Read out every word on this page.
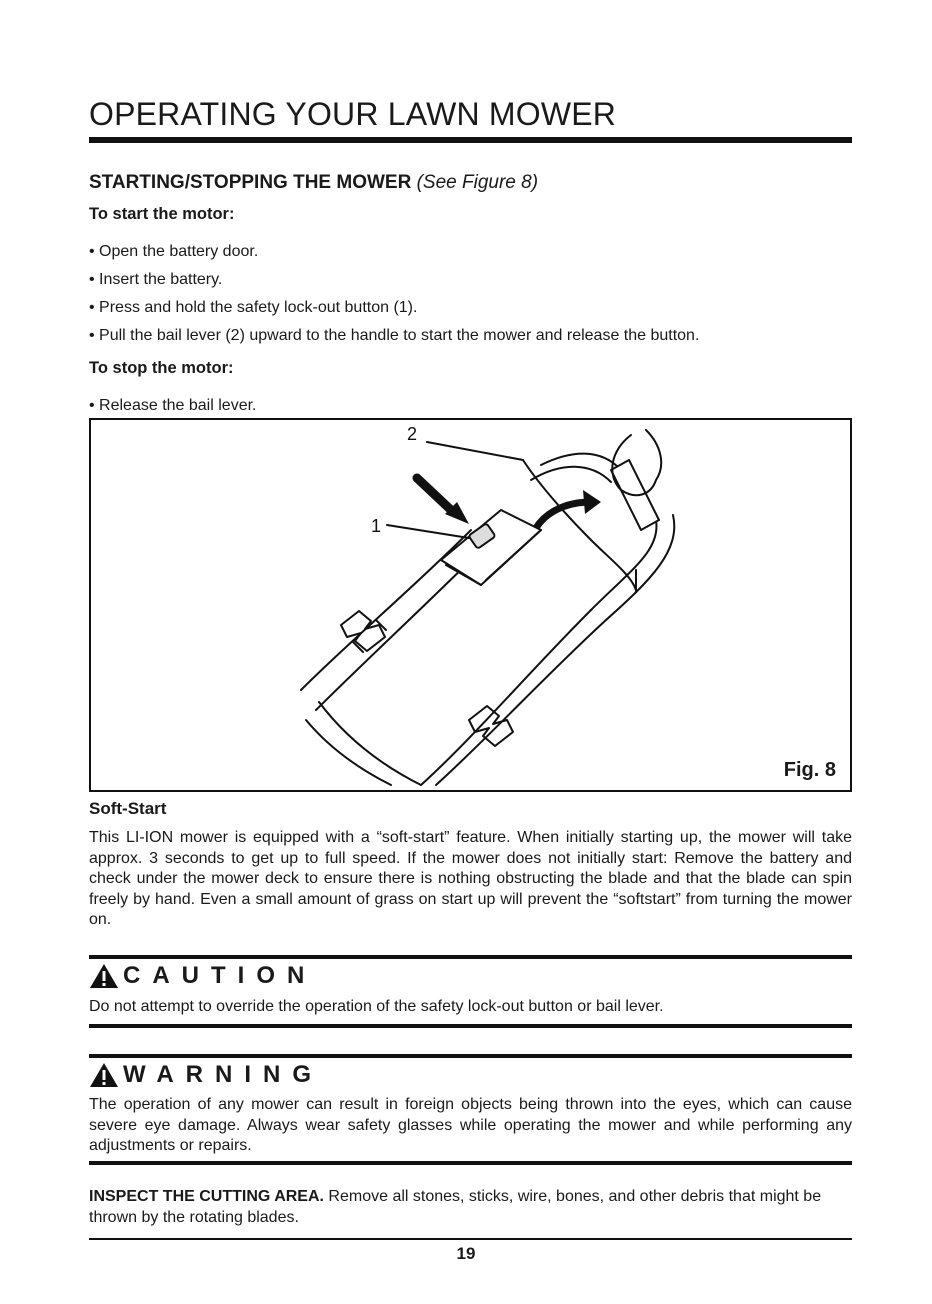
OPERATING YOUR LAWN MOWER
STARTING/STOPPING THE MOWER (See Figure 8)
To start the motor:
• Open the battery door.
• Insert the battery.
• Press and hold the safety lock-out button (1).
• Pull the bail lever (2) upward to the handle to start the mower and release the button.
To stop the motor:
• Release the bail lever.
2
1
Fig. 8
Soft-Start

This LI-ION mower is equipped with a “soft-start” feature. When initially starting up, the mower will take approx. 3 seconds to get up to full speed. If the mower does not initially start: Remove the battery and check under the mower deck to ensure there is nothing obstructing the blade and that the blade can spin freely by hand. Even a small amount of grass on start up will prevent the “softstart” from turning the mower on.

CAUTION

Do not attempt to override the operation of the safety lock-out button or bail lever.

WARNING

The operation of any mower can result in foreign objects being thrown into the eyes, which can cause severe eye damage. Always wear safety glasses while operating the mower and while performing any adjustments or repairs.

INSPECT THE CUTTING AREA. Remove all stones, sticks, wire, bones, and other debris that might be thrown by the rotating blades.

19
